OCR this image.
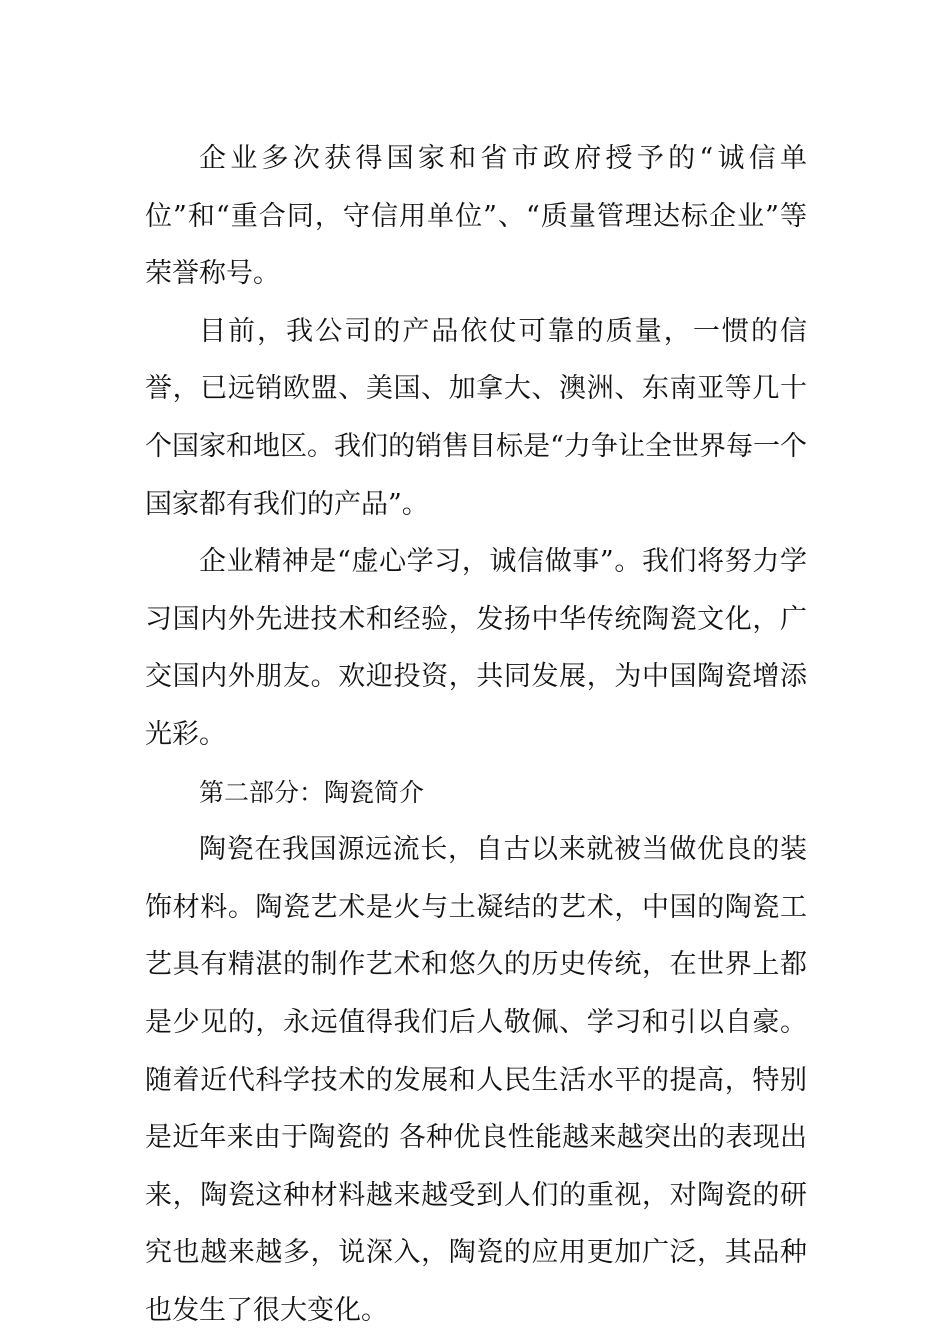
企业多次获得国家和省市政府授予的“诚信单位”和“重合同，守信用单位”、“质量管理达标企业”等荣誉称号。

目前，我公司的产品依仗可靠的质量，一惯的信誉，已远销欧盟、美国、加拿大、澳洲、东南亚等几十个国家和地区。我们的销售目标是“力争让全世界每一个国家都有我们的产品”。

企业精神是“虚心学习，诚信做事”。我们将努力学习国内外先进技术和经验，发扬中华传统陶瓷文化，广交国内外朋友。欢迎投资，共同发展，为中国陶瓷增添光彩。

第二部分：陶瓷简介

陶瓷在我国源远流长，自古以来就被当做优良的装饰材料。陶瓷艺术是火与土凝结的艺术，中国的陶瓷工艺具有精湛的制作艺术和悠久的历史传统，在世界上都是少见的，永远值得我们后人敬佩、学习和引以自豪。随着近代科学技术的发展和人民生活水平的提高，特别是近年来由于陶瓷的 各种优良性能越来越突出的表现出来，陶瓷这种材料越来越受到人们的重视，对陶瓷的研究也越来越多，说深入，陶瓷的应用更加广泛，其品种也发生了很大变化。
